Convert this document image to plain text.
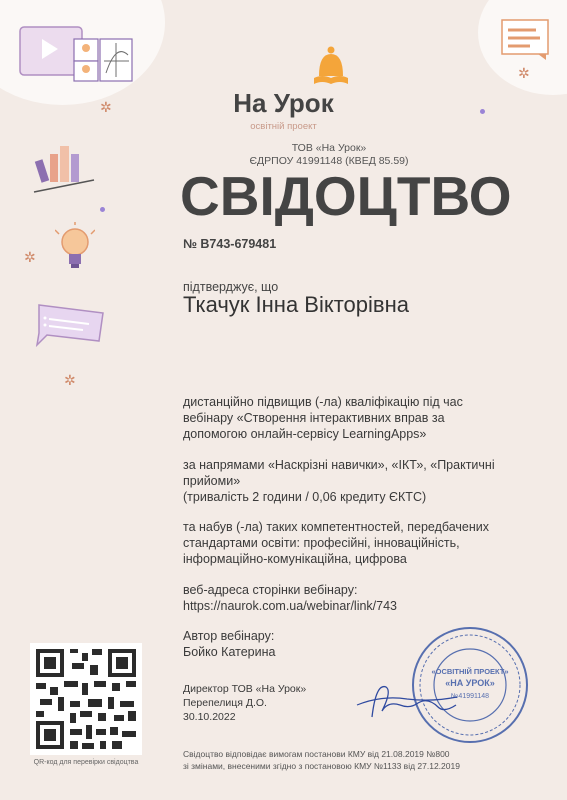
✲
✲
✲
✲
На Урок
освітній проект
ТОВ «На Урок»
ЄДРПОУ 41991148 (КВЕД 85.59)
СВІДОЦТВО
№ В743-679481
підтверджує, що
Ткачук Інна Вікторівна
дистанційно підвищив (-ла) кваліфікацію під час
вебінару «Створення інтерактивних вправ за
допомогою онлайн-сервісу LearningApps»
за напрямами «Наскрізні навички», «ІКТ», «Практичні
прийоми»
(тривалість 2 години / 0,06 кредиту ЄКТС)
та набув (-ла) таких компетентностей, передбачених
стандартами освіти: професійні, інноваційність,
інформаційно-комунікаційна, цифрова
веб-адреса сторінки вебінару:
https://naurok.com.ua/webinar/link/743
Автор вебінару:
Бойко Катерина
Директор ТОВ «На Урок»
Перепелиця Д.О.
30.10.2022
«ОСВІТНІЙ ПРОЕКТ»
«НА УРОК»
№41991148
QR-код для перевірки свідоцтва
Свідоцтво відповідає вимогам постанови КМУ від 21.08.2019 №800
зі змінами, внесеними згідно з постановою КМУ №1133 від 27.12.2019
